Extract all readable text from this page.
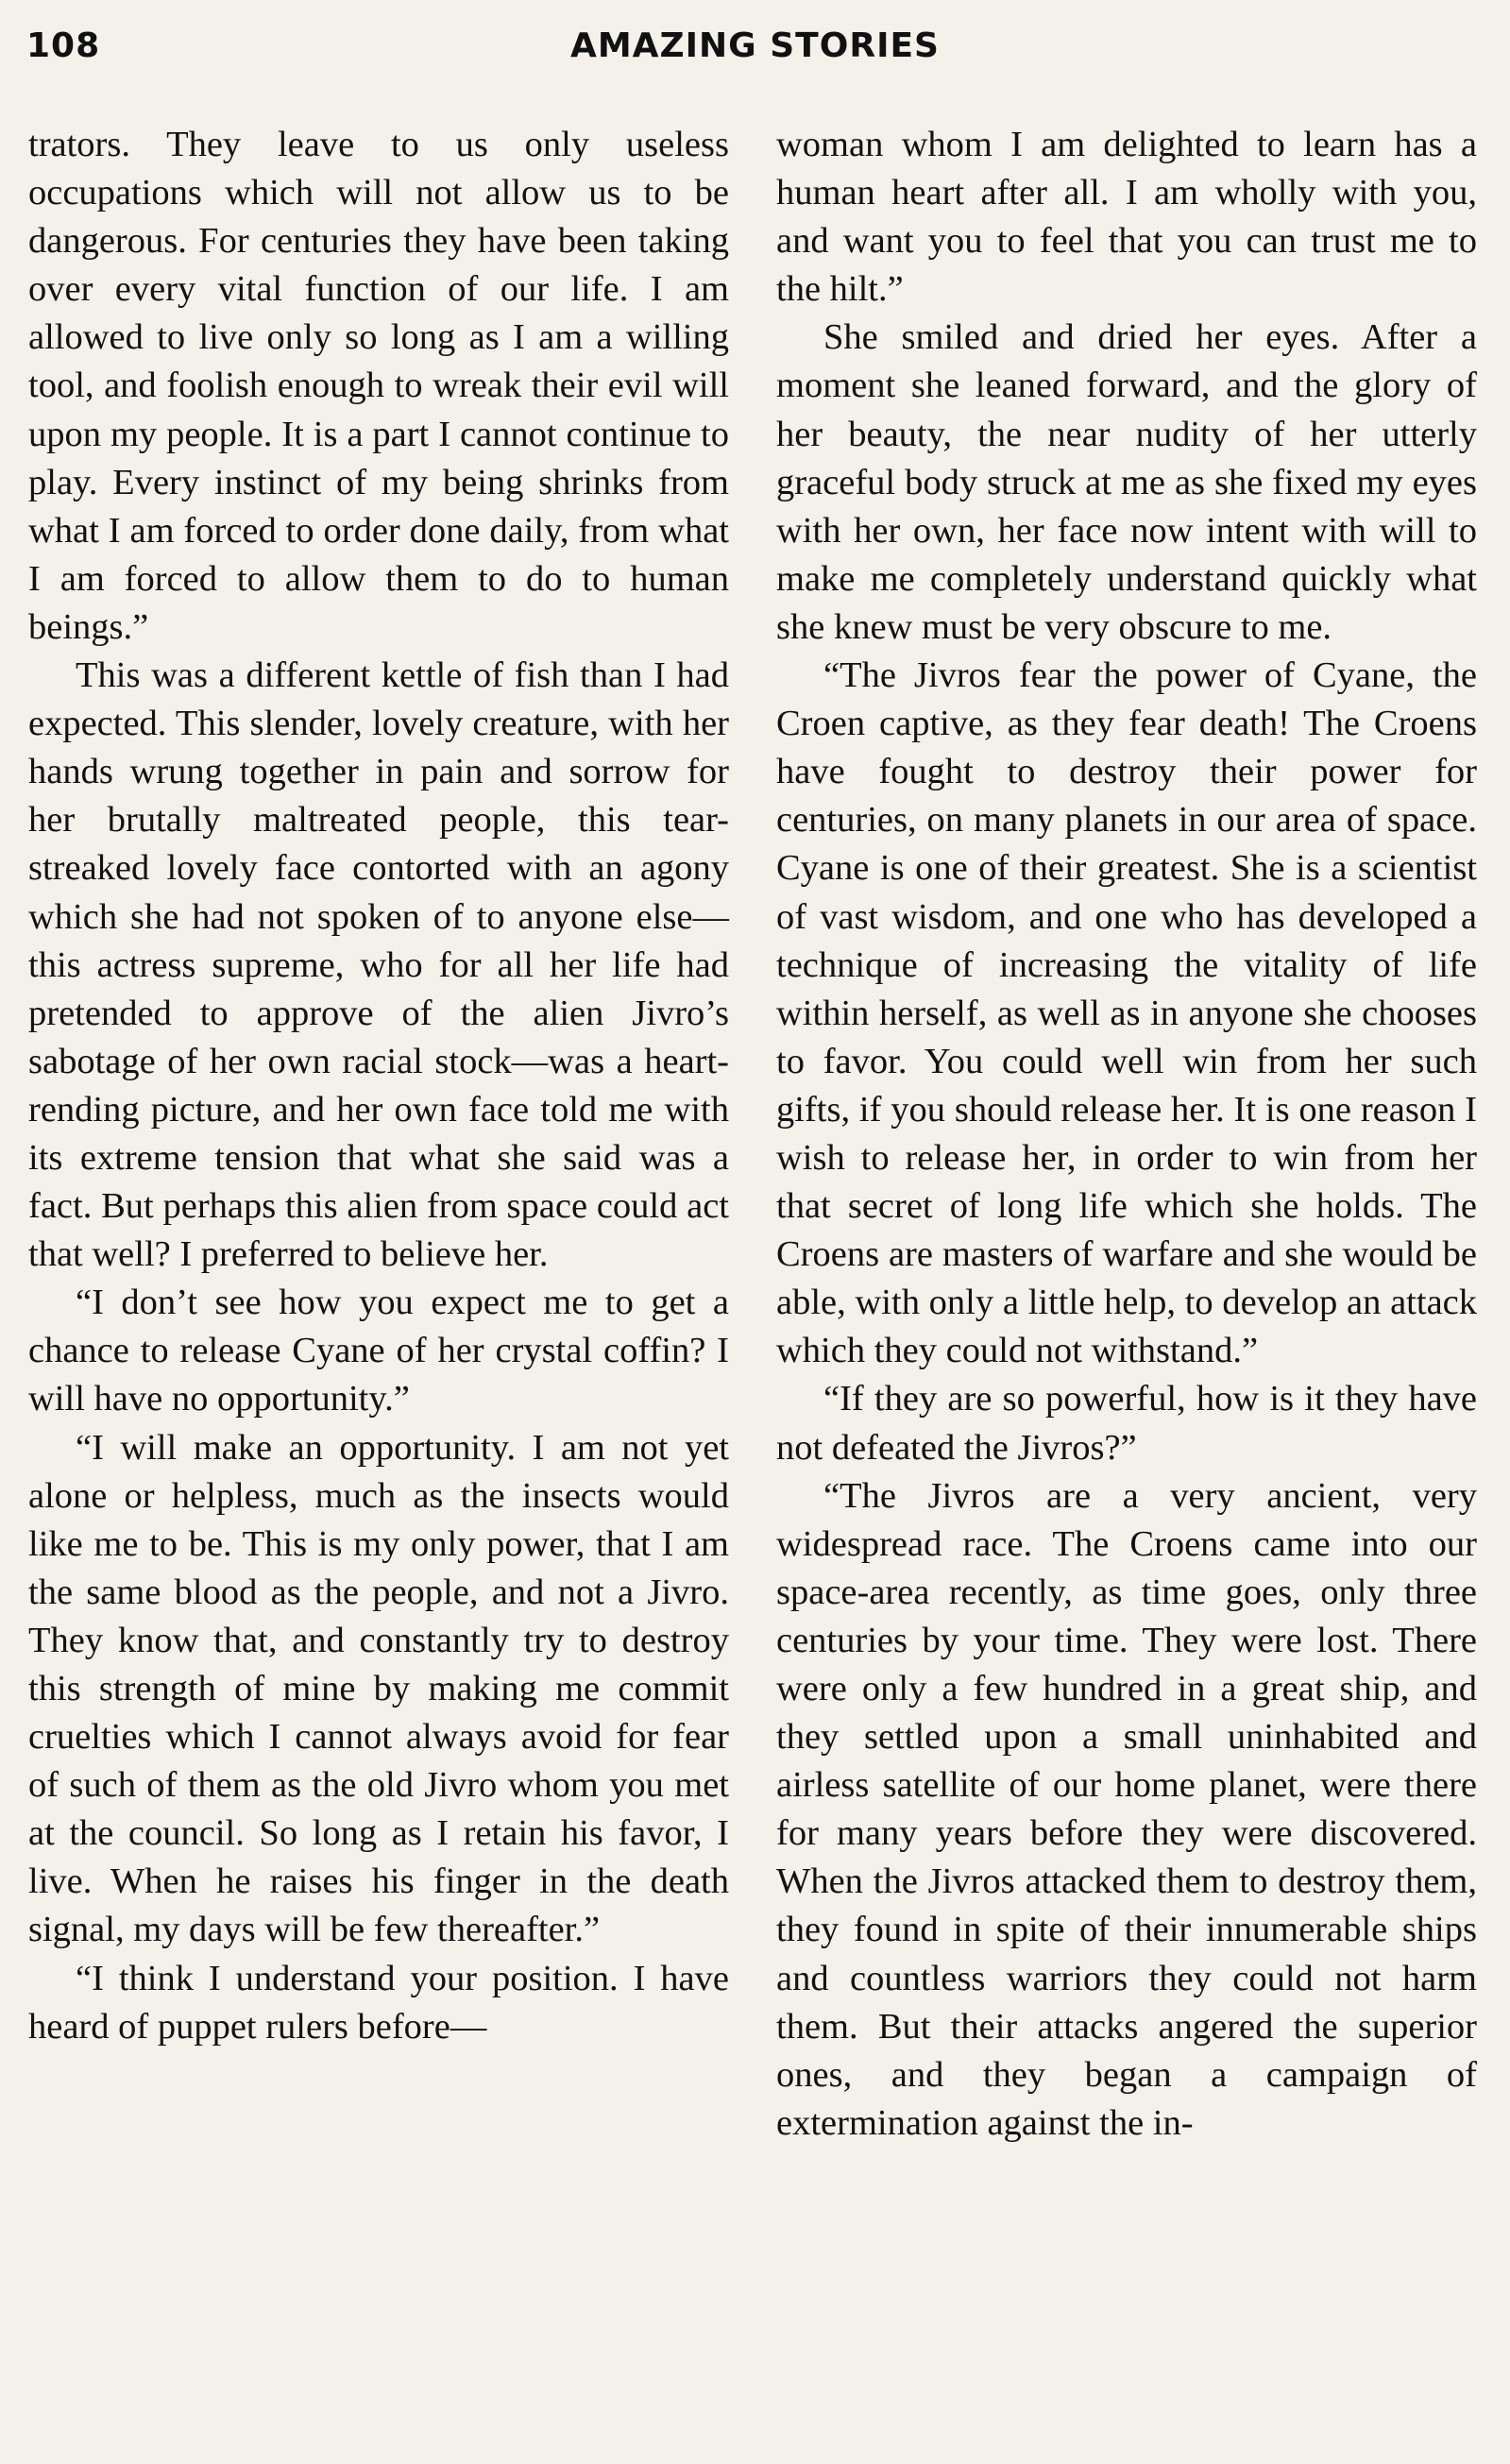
108	AMAZING STORIES

trators. They leave to us only useless occupations which will not allow us to be dangerous. For centuries they have been taking over every vital function of our life. I am allowed to live only so long as I am a willing tool, and foolish enough to wreak their evil will upon my people. It is a part I cannot continue to play. Every instinct of my being shrinks from what I am forced to order done daily, from what I am forced to allow them to do to human beings.”

This was a different kettle of fish than I had expected. This slender, lovely creature, with her hands wrung together in pain and sorrow for her brutally maltreated people, this tear-streaked lovely face contorted with an agony which she had not spoken of to anyone else—this actress supreme, who for all her life had pretended to approve of the alien Jivro’s sabotage of her own racial stock—was a heart-rending picture, and her own face told me with its extreme tension that what she said was a fact. But perhaps this alien from space could act that well? I preferred to believe her.

“I don’t see how you expect me to get a chance to release Cyane of her crystal coffin? I will have no opportunity.”

“I will make an opportunity. I am not yet alone or helpless, much as the insects would like me to be. This is my only power, that I am the same blood as the people, and not a Jivro. They know that, and constantly try to destroy this strength of mine by making me commit cruelties which I cannot always avoid for fear of such of them as the old Jivro whom you met at the council. So long as I retain his favor, I live. When he raises his finger in the death signal, my days will be few thereafter.”

“I think I understand your position. I have heard of puppet rulers before—

woman whom I am delighted to learn has a human heart after all. I am wholly with you, and want you to feel that you can trust me to the hilt.”

She smiled and dried her eyes. After a moment she leaned forward, and the glory of her beauty, the near nudity of her utterly graceful body struck at me as she fixed my eyes with her own, her face now intent with will to make me completely understand quickly what she knew must be very obscure to me.

“The Jivros fear the power of Cyane, the Croen captive, as they fear death! The Croens have fought to destroy their power for centuries, on many planets in our area of space. Cyane is one of their greatest. She is a scientist of vast wisdom, and one who has developed a technique of increasing the vitality of life within herself, as well as in anyone she chooses to favor. You could well win from her such gifts, if you should release her. It is one reason I wish to release her, in order to win from her that secret of long life which she holds. The Croens are masters of warfare and she would be able, with only a little help, to develop an attack which they could not withstand.”

“If they are so powerful, how is it they have not defeated the Jivros?”

“The Jivros are a very ancient, very widespread race. The Croens came into our space-area recently, as time goes, only three centuries by your time. They were lost. There were only a few hundred in a great ship, and they settled upon a small uninhabited and airless satellite of our home planet, were there for many years before they were discovered. When the Jivros attacked them to destroy them, they found in spite of their innumerable ships and countless warriors they could not harm them. But their attacks angered the superior ones, and they began a campaign of extermination against the in-
